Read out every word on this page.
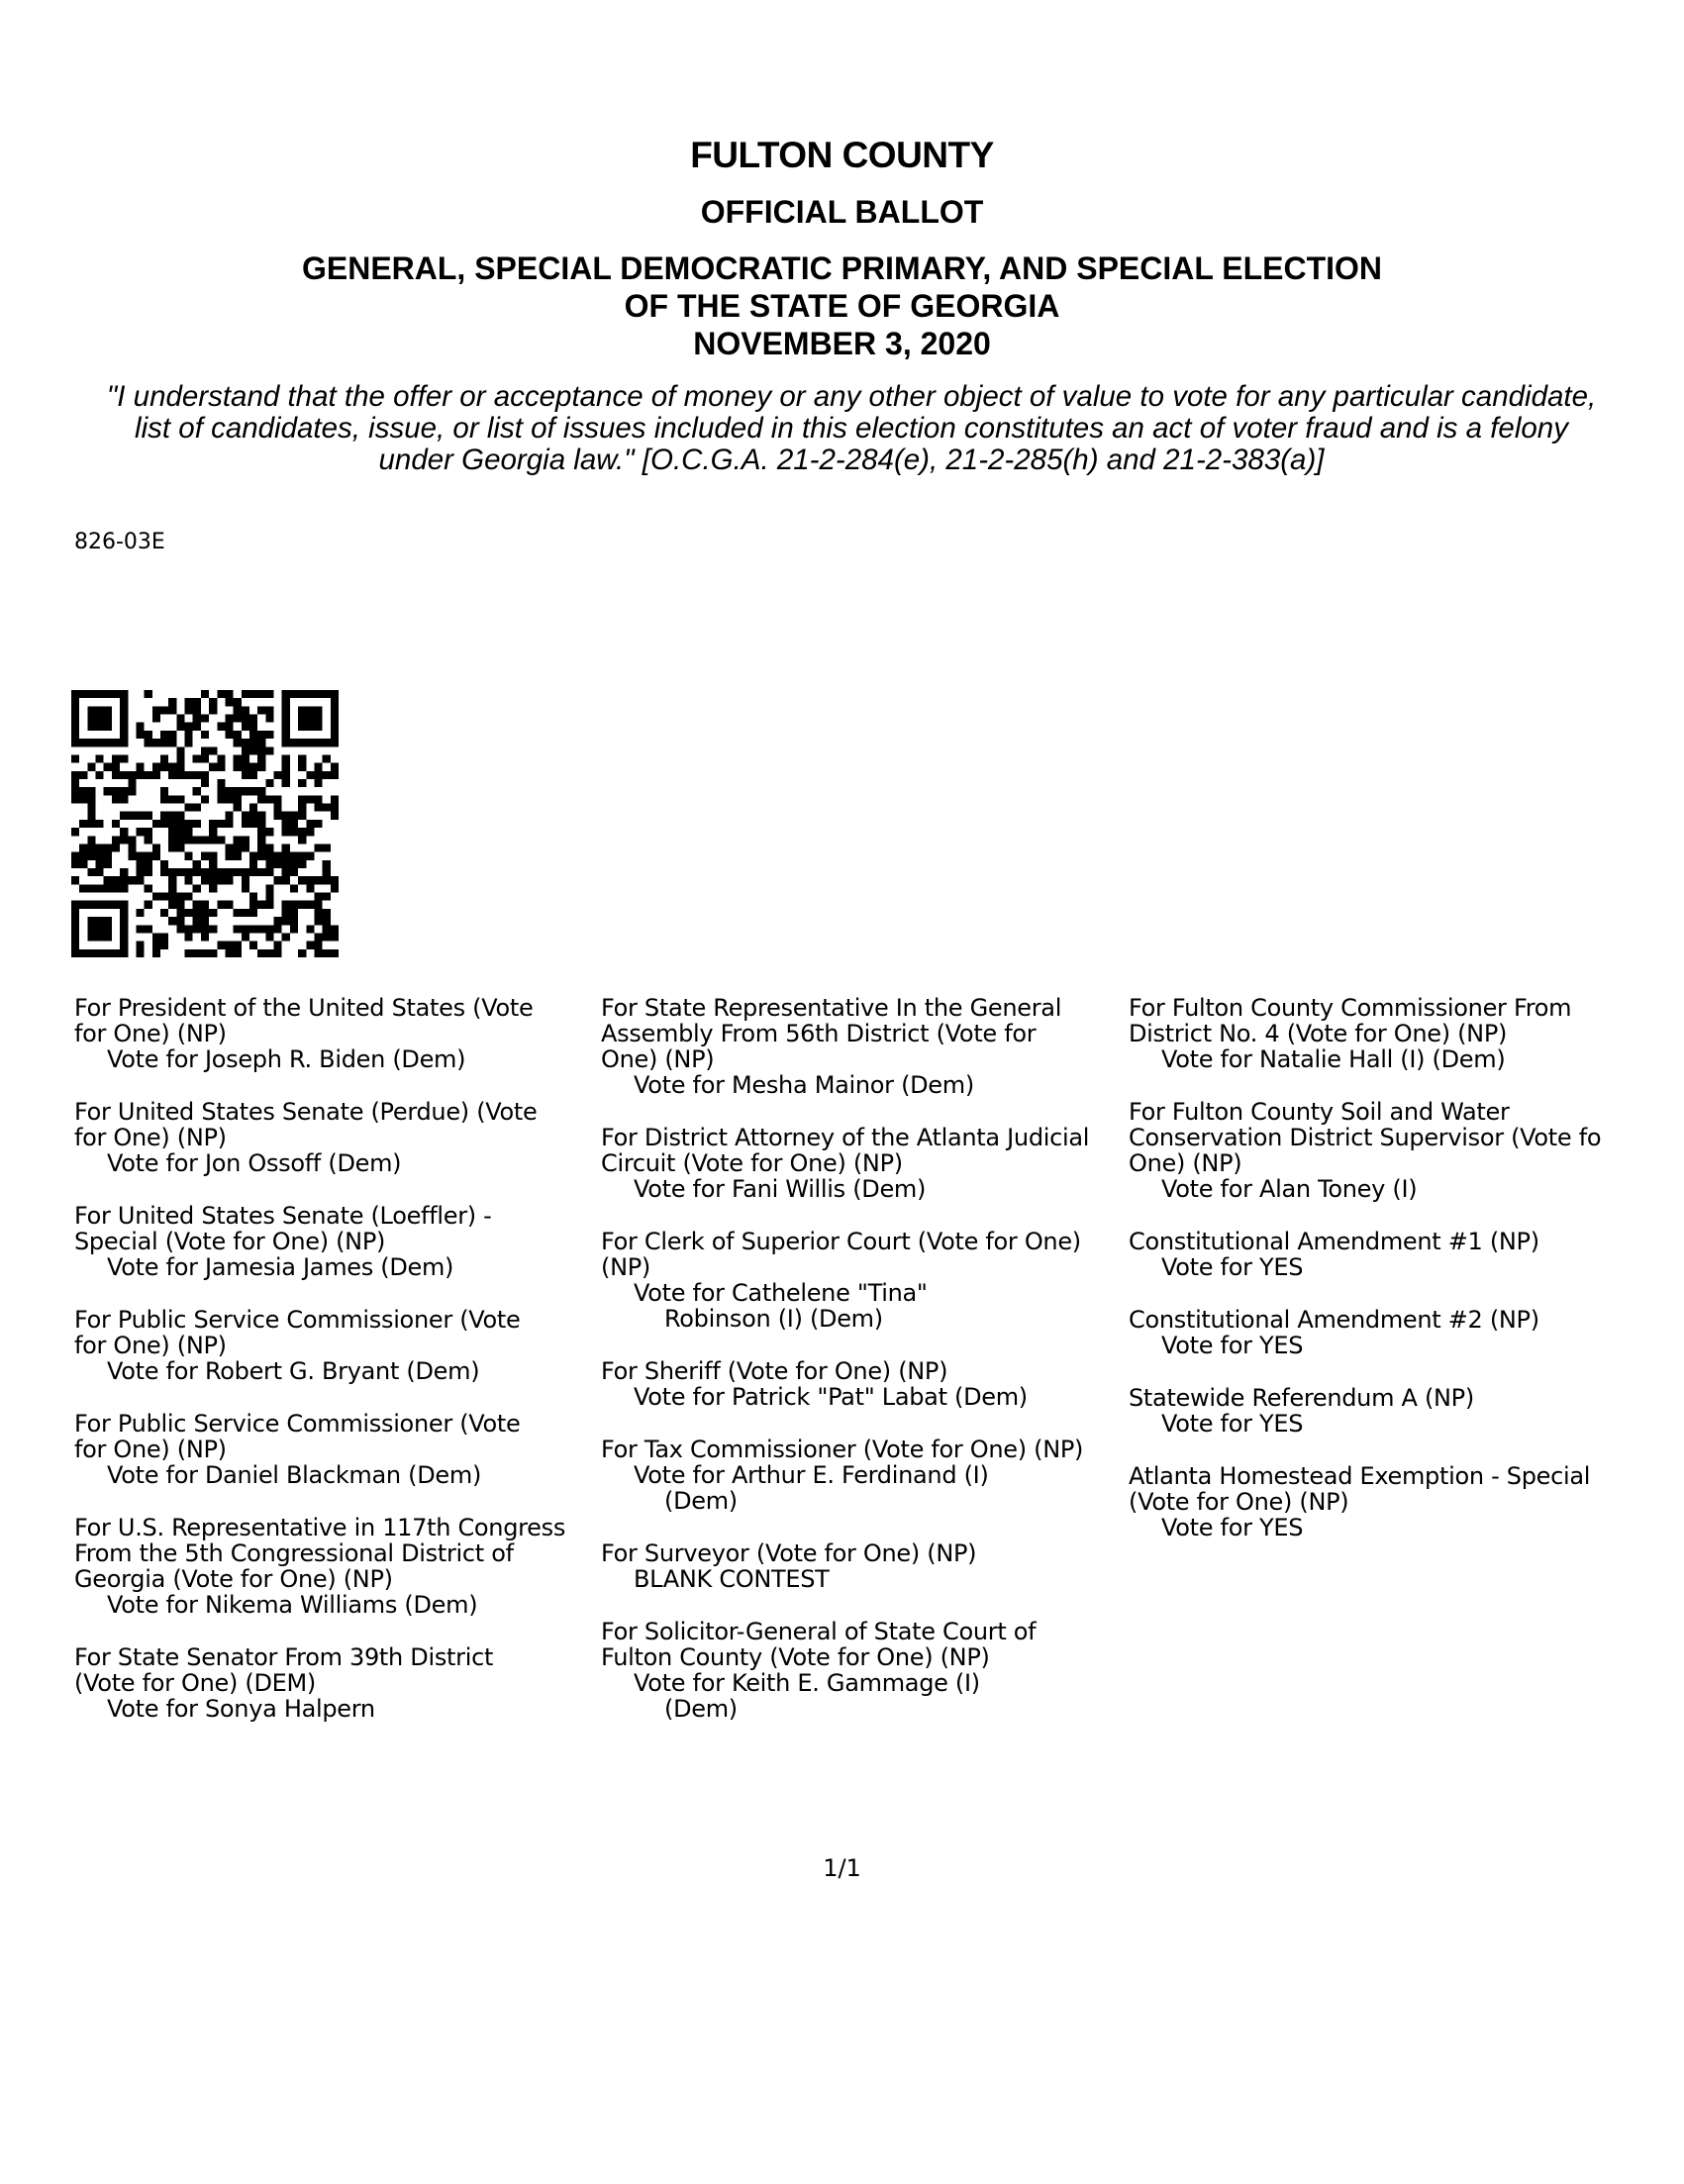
FULTON COUNTY
OFFICIAL BALLOT
GENERAL, SPECIAL DEMOCRATIC PRIMARY, AND SPECIAL ELECTION
OF THE STATE OF GEORGIA
NOVEMBER 3, 2020
"I understand that the offer or acceptance of money or any other object of value to vote for any particular candidate,
list of candidates, issue, or list of issues included in this election constitutes an act of voter fraud and is a felony
under Georgia law." [O.C.G.A. 21-2-284(e), 21-2-285(h) and 21-2-383(a)]
826-03E
For President of the United States (Vote
for One) (NP)
Vote for Joseph R. Biden (Dem)
For United States Senate (Perdue) (Vote
for One) (NP)
Vote for Jon Ossoff (Dem)
For United States Senate (Loeffler) -
Special (Vote for One) (NP)
Vote for Jamesia James (Dem)
For Public Service Commissioner (Vote
for One) (NP)
Vote for Robert G. Bryant (Dem)
For Public Service Commissioner (Vote
for One) (NP)
Vote for Daniel Blackman (Dem)
For U.S. Representative in 117th Congress
From the 5th Congressional District of
Georgia (Vote for One) (NP)
Vote for Nikema Williams (Dem)
For State Senator From 39th District
(Vote for One) (DEM)
Vote for Sonya Halpern
For State Representative In the General
Assembly From 56th District (Vote for
One) (NP)
Vote for Mesha Mainor (Dem)
For District Attorney of the Atlanta Judicial
Circuit (Vote for One) (NP)
Vote for Fani Willis (Dem)
For Clerk of Superior Court (Vote for One)
(NP)
Vote for Cathelene "Tina"
Robinson (I) (Dem)
For Sheriff (Vote for One) (NP)
Vote for Patrick "Pat" Labat (Dem)
For Tax Commissioner (Vote for One) (NP)
Vote for Arthur E. Ferdinand (I)
(Dem)
For Surveyor (Vote for One) (NP)
BLANK CONTEST
For Solicitor-General of State Court of
Fulton County (Vote for One) (NP)
Vote for Keith E. Gammage (I)
(Dem)
For Fulton County Commissioner From
District No. 4 (Vote for One) (NP)
Vote for Natalie Hall (I) (Dem)
For Fulton County Soil and Water
Conservation District Supervisor (Vote fo
One) (NP)
Vote for Alan Toney (I)
Constitutional Amendment #1 (NP)
Vote for YES
Constitutional Amendment #2 (NP)
Vote for YES
Statewide Referendum A (NP)
Vote for YES
Atlanta Homestead Exemption - Special
(Vote for One) (NP)
Vote for YES
1/1
